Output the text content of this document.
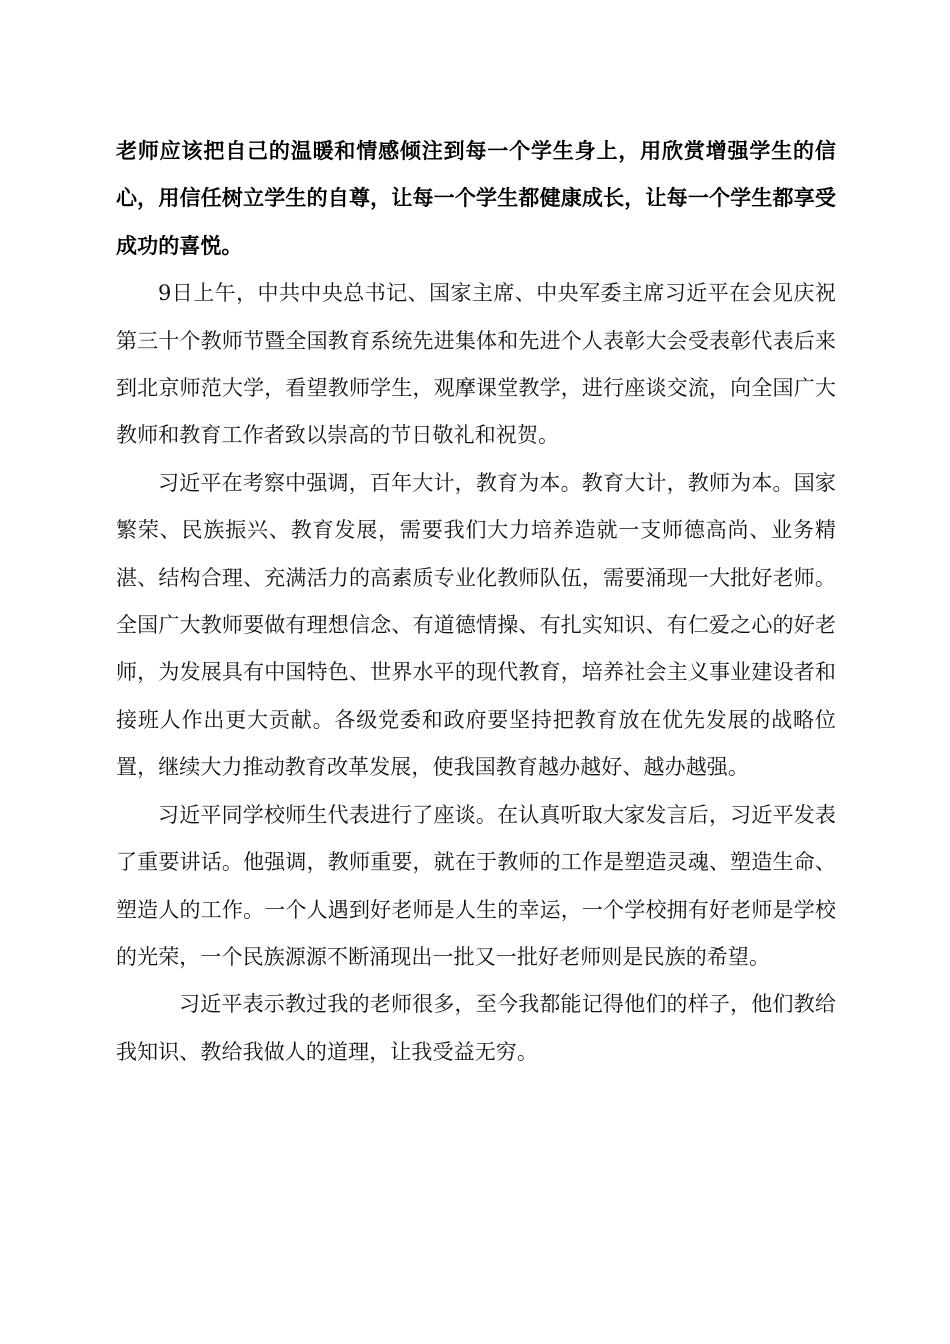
老师应该把自己的温暖和情感倾注到每一个学生身上，用欣赏增强学生的信心，用信任树立学生的自尊，让每一个学生都健康成长，让每一个学生都享受成功的喜悦。

9日上午，中共中央总书记、国家主席、中央军委主席习近平在会见庆祝第三十个教师节暨全国教育系统先进集体和先进个人表彰大会受表彰代表后来到北京师范大学，看望教师学生，观摩课堂教学，进行座谈交流，向全国广大教师和教育工作者致以崇高的节日敬礼和祝贺。

习近平在考察中强调，百年大计，教育为本。教育大计，教师为本。国家繁荣、民族振兴、教育发展，需要我们大力培养造就一支师德高尚、业务精湛、结构合理、充满活力的高素质专业化教师队伍，需要涌现一大批好老师。全国广大教师要做有理想信念、有道德情操、有扎实知识、有仁爱之心的好老师，为发展具有中国特色、世界水平的现代教育，培养社会主义事业建设者和接班人作出更大贡献。各级党委和政府要坚持把教育放在优先发展的战略位置，继续大力推动教育改革发展，使我国教育越办越好、越办越强。

习近平同学校师生代表进行了座谈。在认真听取大家发言后，习近平发表了重要讲话。他强调，教师重要，就在于教师的工作是塑造灵魂、塑造生命、塑造人的工作。一个人遇到好老师是人生的幸运，一个学校拥有好老师是学校的光荣，一个民族源源不断涌现出一批又一批好老师则是民族的希望。

习近平表示教过我的老师很多，至今我都能记得他们的样子，他们教给我知识、教给我做人的道理，让我受益无穷。
